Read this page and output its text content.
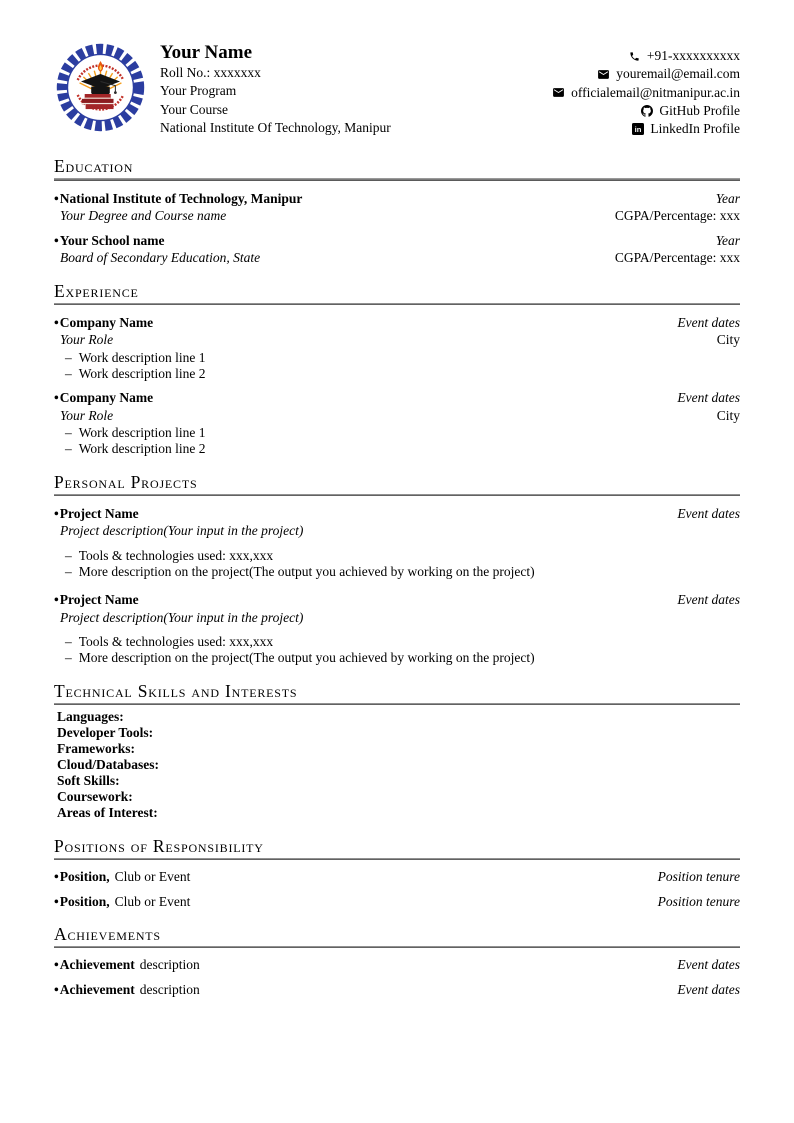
Your Name
Roll No.: xxxxxxx
Your Program
Your Course
National Institute Of Technology, Manipur
+91-xxxxxxxxxx
youremail@email.com
officialemail@nitmanipur.ac.in
GitHub Profile
in LinkedIn Profile
Education
•National Institute of Technology, Manipur	Year
Your Degree and Course name	CGPA/Percentage: xxx
•Your School name	Year
Board of Secondary Education, State	CGPA/Percentage: xxx
Experience
•Company Name	Event dates
Your Role	City
– Work description line 1
– Work description line 2
•Company Name	Event dates
Your Role	City
– Work description line 1
– Work description line 2
Personal Projects
•Project Name	Event dates
Project description(Your input in the project)
– Tools & technologies used: xxx,xxx
– More description on the project(The output you achieved by working on the project)
•Project Name	Event dates
Project description(Your input in the project)
– Tools & technologies used: xxx,xxx
– More description on the project(The output you achieved by working on the project)
Technical Skills and Interests
Languages:
Developer Tools:
Frameworks:
Cloud/Databases:
Soft Skills:
Coursework:
Areas of Interest:
Positions of Responsibility
•Position, Club or Event	Position tenure
•Position, Club or Event	Position tenure
Achievements
•Achievement description	Event dates
•Achievement description	Event dates
